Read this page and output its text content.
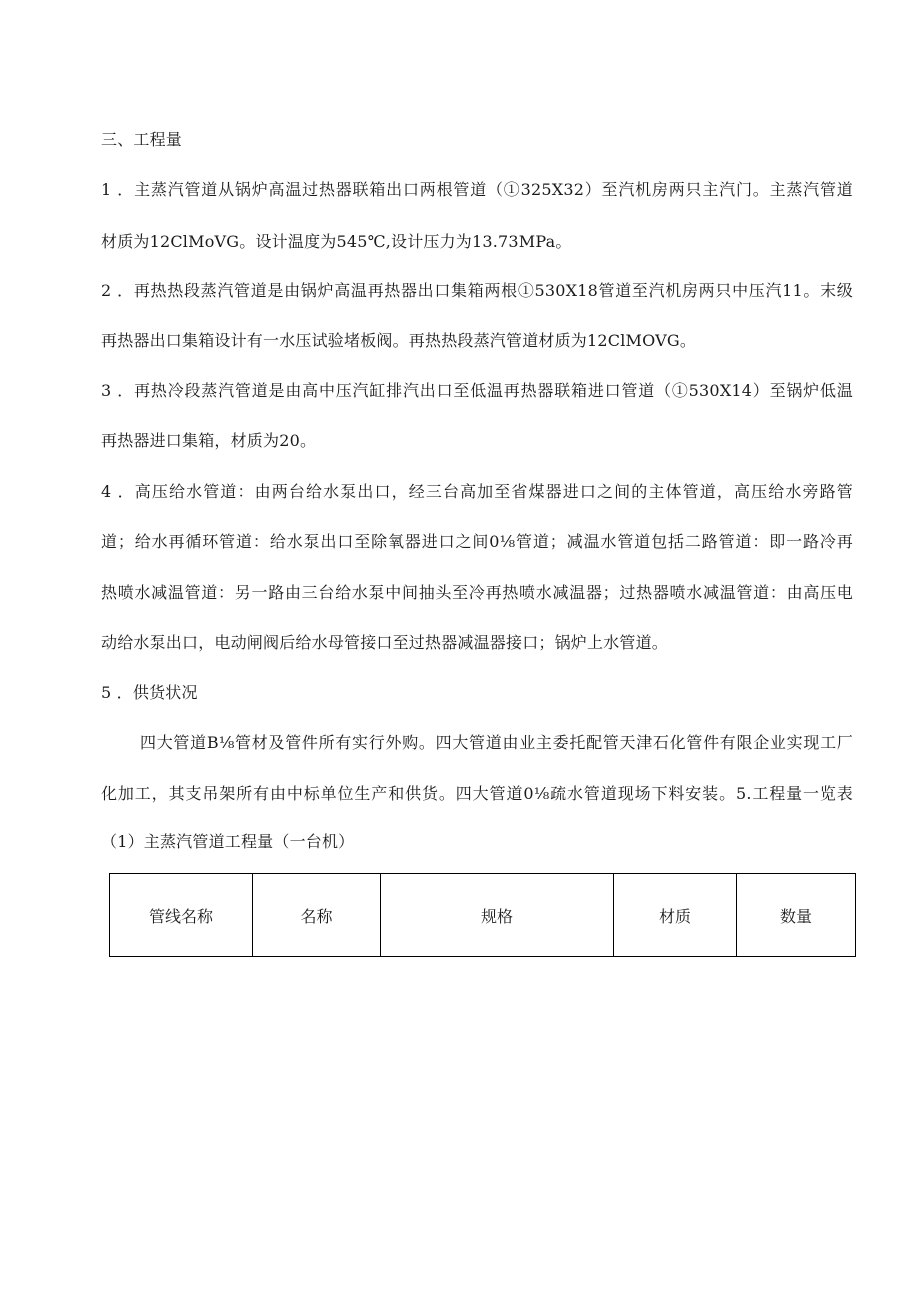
三、工程量
1 ．主蒸汽管道从锅炉高温过热器联箱出口两根管道（①325X32）至汽机房两只主汽门。主蒸汽管道
材质为12ClMoVG。设计温度为545℃,设计压力为13.73MPa。
2 ．再热热段蒸汽管道是由锅炉高温再热器出口集箱两根①530X18管道至汽机房两只中压汽11。末级
再热器出口集箱设计有一水压试验堵板阀。再热热段蒸汽管道材质为12ClMOVG。
3 ．再热冷段蒸汽管道是由高中压汽缸排汽出口至低温再热器联箱进口管道（①530X14）至锅炉低温
再热器进口集箱，材质为20。
4 ．高压给水管道：由两台给水泵出口，经三台高加至省煤器进口之间的主体管道，高压给水旁路管
道；给水再循环管道：给水泵出口至除氧器进口之间0⅛管道；减温水管道包括二路管道：即一路冷再
热喷水减温管道：另一路由三台给水泵中间抽头至冷再热喷水减温器；过热器喷水减温管道：由高压电
动给水泵出口，电动闸阀后给水母管接口至过热器减温器接口；锅炉上水管道。
5 ．供货状况
四大管道B⅛管材及管件所有实行外购。四大管道由业主委托配管天津石化管件有限企业实现工厂
化加工，其支吊架所有由中标单位生产和供货。四大管道0⅛疏水管道现场下料安装。5.工程量一览表
（1）主蒸汽管道工程量（一台机）
管线名称	名称	规格	材质	数量
